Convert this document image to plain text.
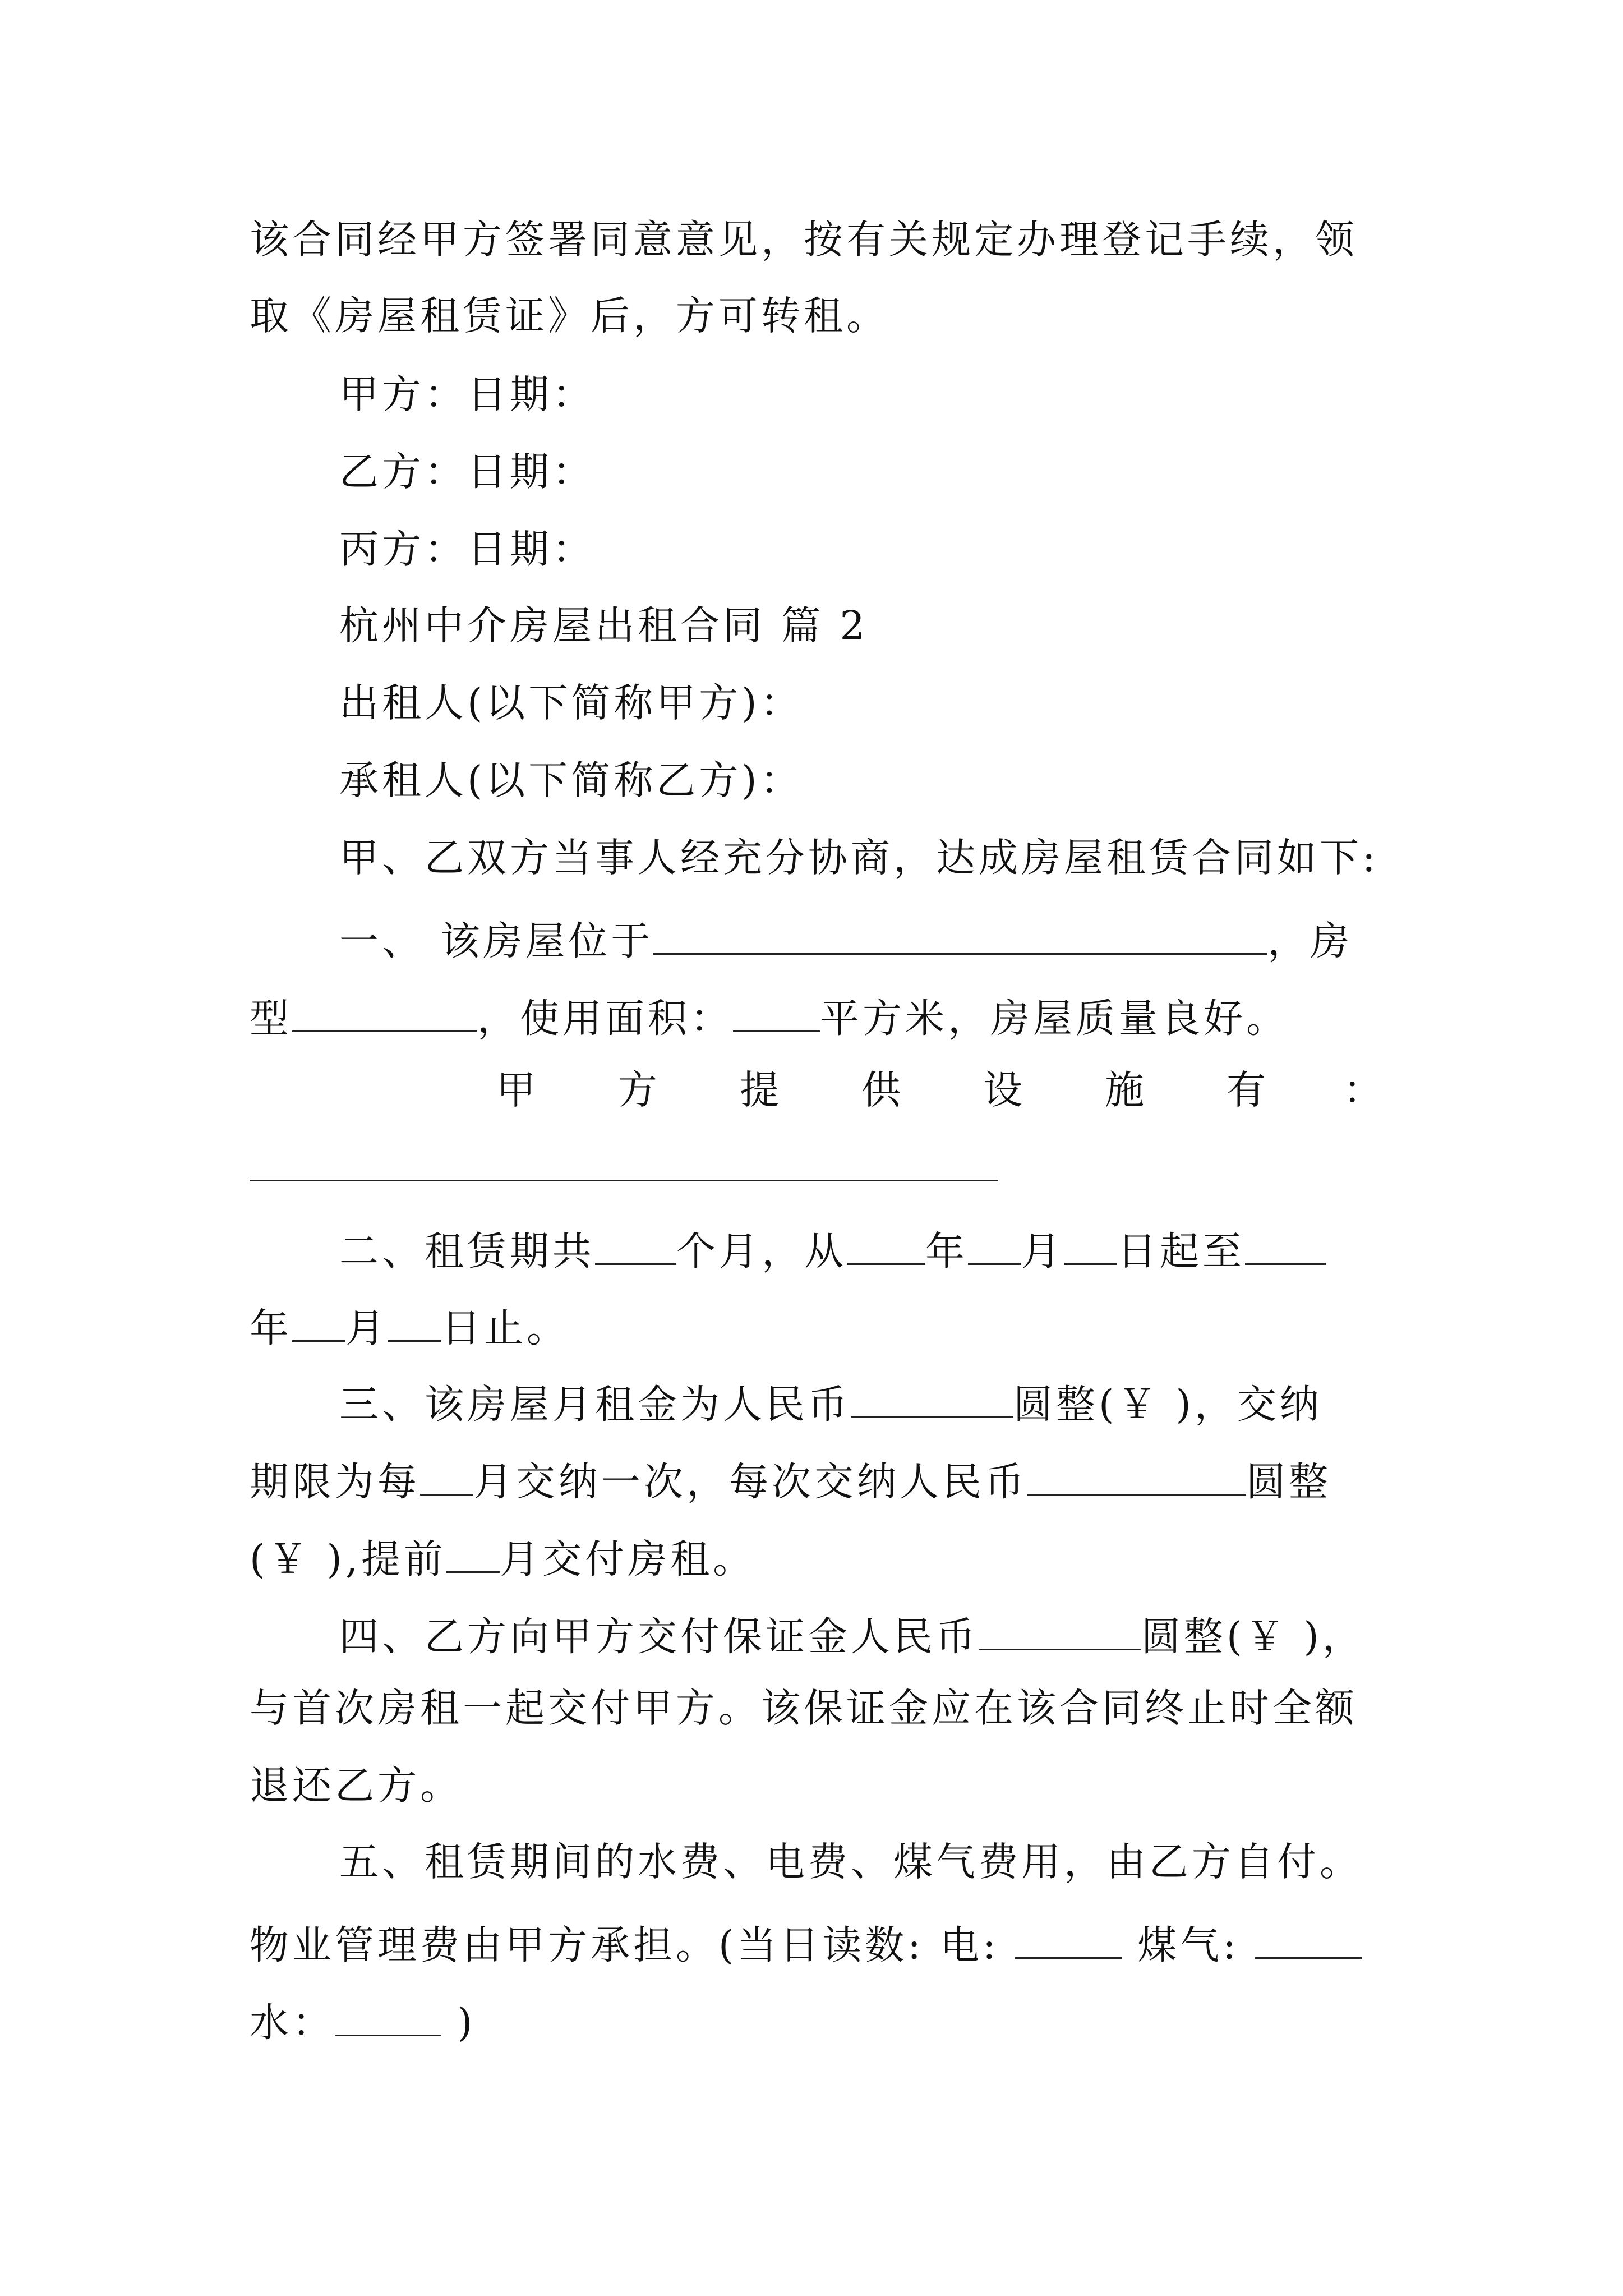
该合同经甲方签署同意意见，按有关规定办理登记手续，领
取《房屋租赁证》后，方可转租。
甲方：日期：
乙方：日期：
丙方：日期：
杭州中介房屋出租合同 篇 2
出租人(以下简称甲方)：
承租人(以下简称乙方)：
甲、乙双方当事人经充分协商，达成房屋租赁合同如下:
一、 该房屋位于	，房
型	，使用面积： 平方米，房屋质量良好。
甲 方 提 供 设 施 有 ：
二、租赁期共 个月，从 年 月 日起至
年 月 日止。
三、该房屋月租金为人民币	圆整(￥ )，交纳
期限为每 月交纳一次，每次交纳人民币	圆整
(￥ ),提前 月交付房租。
四、乙方向甲方交付保证金人民币	圆整(￥ )，
与首次房租一起交付甲方。该保证金应在该合同终止时全额
退还乙方。
五、租赁期间的水费、电费、煤气费用，由乙方自付。
物业管理费由甲方承担。(当日读数: 电:	煤气:
水：	)
